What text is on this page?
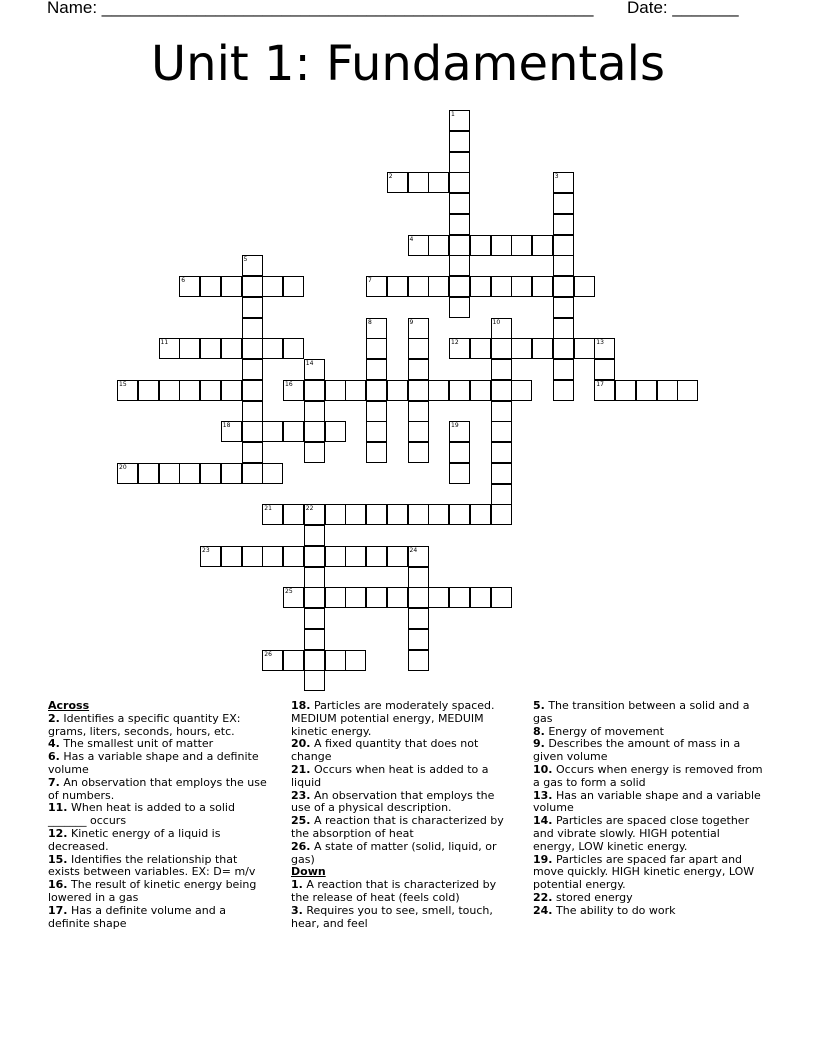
Name: ____________________________________________________ Date: _______
Unit 1: Fundamentals
2
4
6	7
11	12	13
15	16	17
18
20
21	22
23	24
25
26
1
3
5
8	9	10
14
19
Across
2. Identifies a specific quantity EX: grams, liters, seconds, hours, etc.
4. The smallest unit of matter
6. Has a variable shape and a definite volume
7. An observation that employs the use of numbers.
11. When heat is added to a solid _______ occurs
12. Kinetic energy of a liquid is decreased.
15. Identifies the relationship that exists between variables. EX: D= m/v
16. The result of kinetic energy being lowered in a gas
17. Has a definite volume and a definite shape
18. Particles are moderately spaced. MEDIUM potential energy, MEDUIM kinetic energy.
20. A fixed quantity that does not change
21. Occurs when heat is added to a liquid
23. An observation that employs the use of a physical description.
25. A reaction that is characterized by the absorption of heat
26. A state of matter (solid, liquid, or gas)
Down
1. A reaction that is characterized by the release of heat (feels cold)
3. Requires you to see, smell, touch, hear, and feel
5. The transition between a solid and a gas
8. Energy of movement
9. Describes the amount of mass in a given volume
10. Occurs when energy is removed from a gas to form a solid
13. Has an variable shape and a variable volume
14. Particles are spaced close together and vibrate slowly. HIGH potential energy, LOW kinetic energy.
19. Particles are spaced far apart and move quickly. HIGH kinetic energy, LOW potential energy.
22. stored energy
24. The ability to do work
